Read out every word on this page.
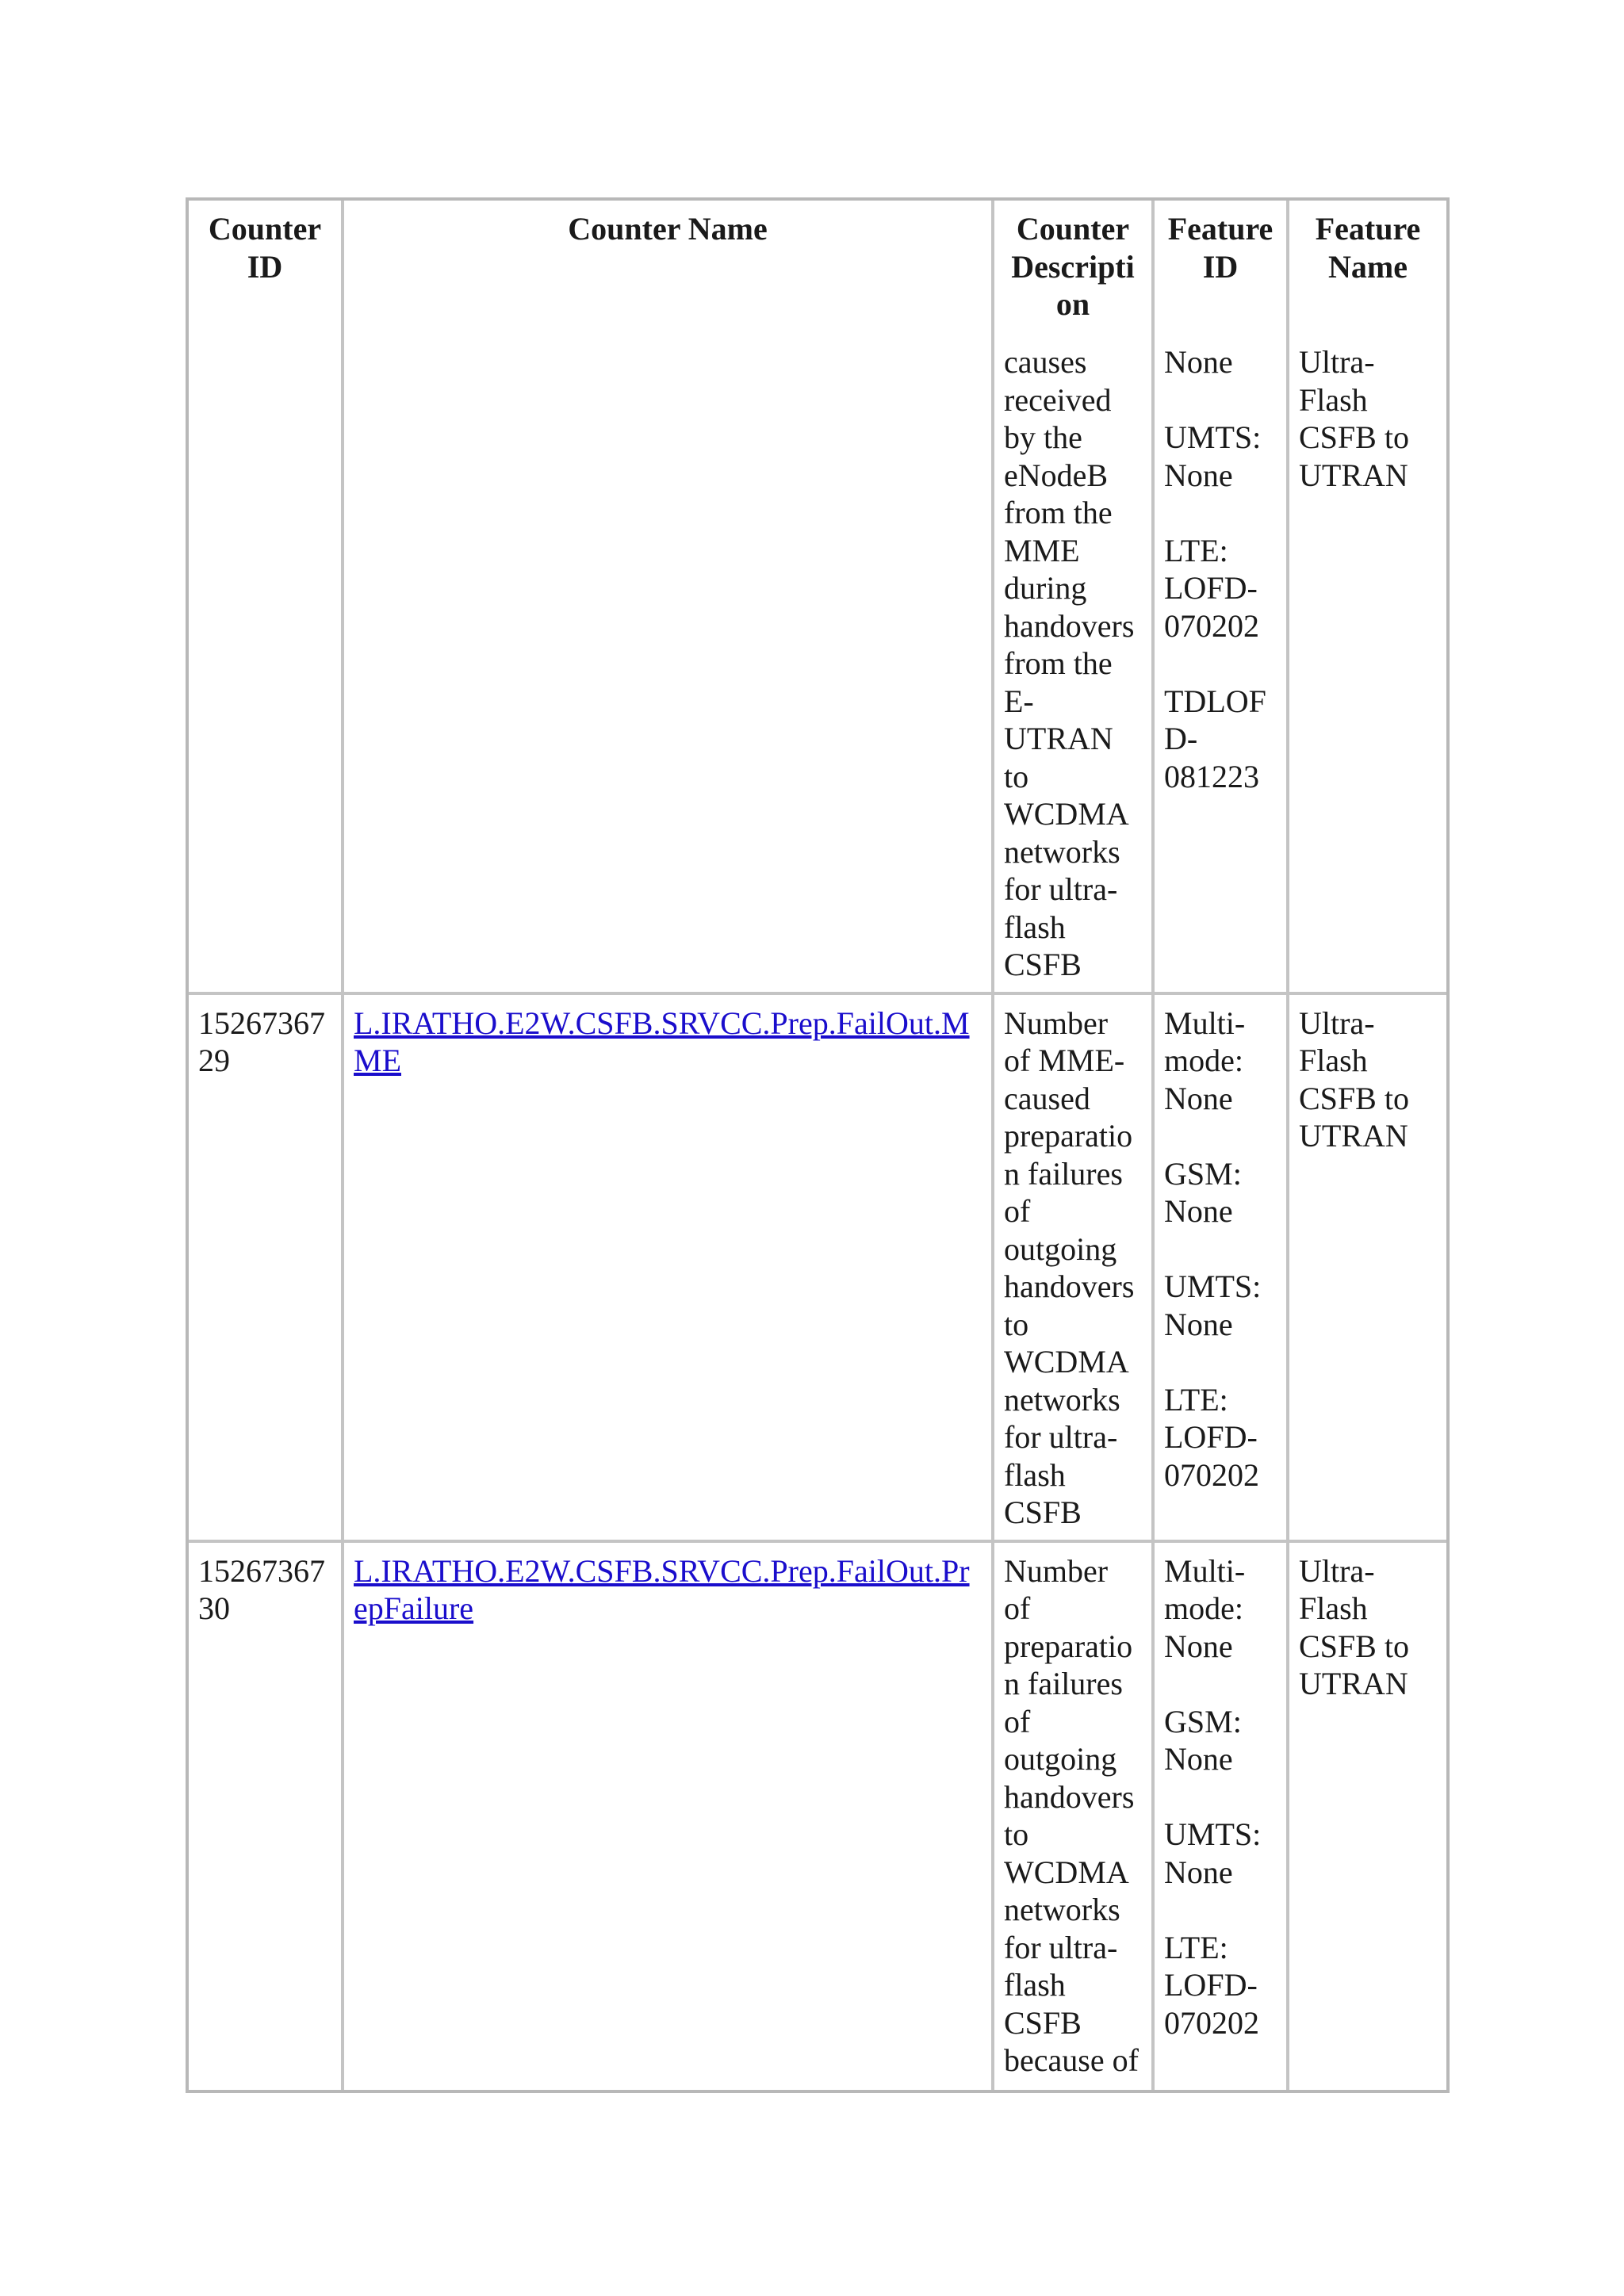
Counter ID	Counter Name	Counter Description	Feature ID	Feature Name
		causes received by the eNodeB from the MME during handovers from the E-UTRAN to WCDMA networks for ultra-flash CSFB	None

UMTS: None

LTE: LOFD-070202

TDLOFD-081223	Ultra-Flash CSFB to UTRAN
1526736729	L.IRATHO.E2W.CSFB.SRVCC.Prep.FailOut.MME	Number of MME-caused preparation failures of outgoing handovers to WCDMA networks for ultra-flash CSFB	Multi-mode: None

GSM: None

UMTS: None

LTE: LOFD-070202	Ultra-Flash CSFB to UTRAN
1526736730	L.IRATHO.E2W.CSFB.SRVCC.Prep.FailOut.PrepFailure	Number of preparation failures of outgoing handovers to WCDMA networks for ultra-flash CSFB because of	Multi-mode: None

GSM: None

UMTS: None

LTE: LOFD-070202	Ultra-Flash CSFB to UTRAN
